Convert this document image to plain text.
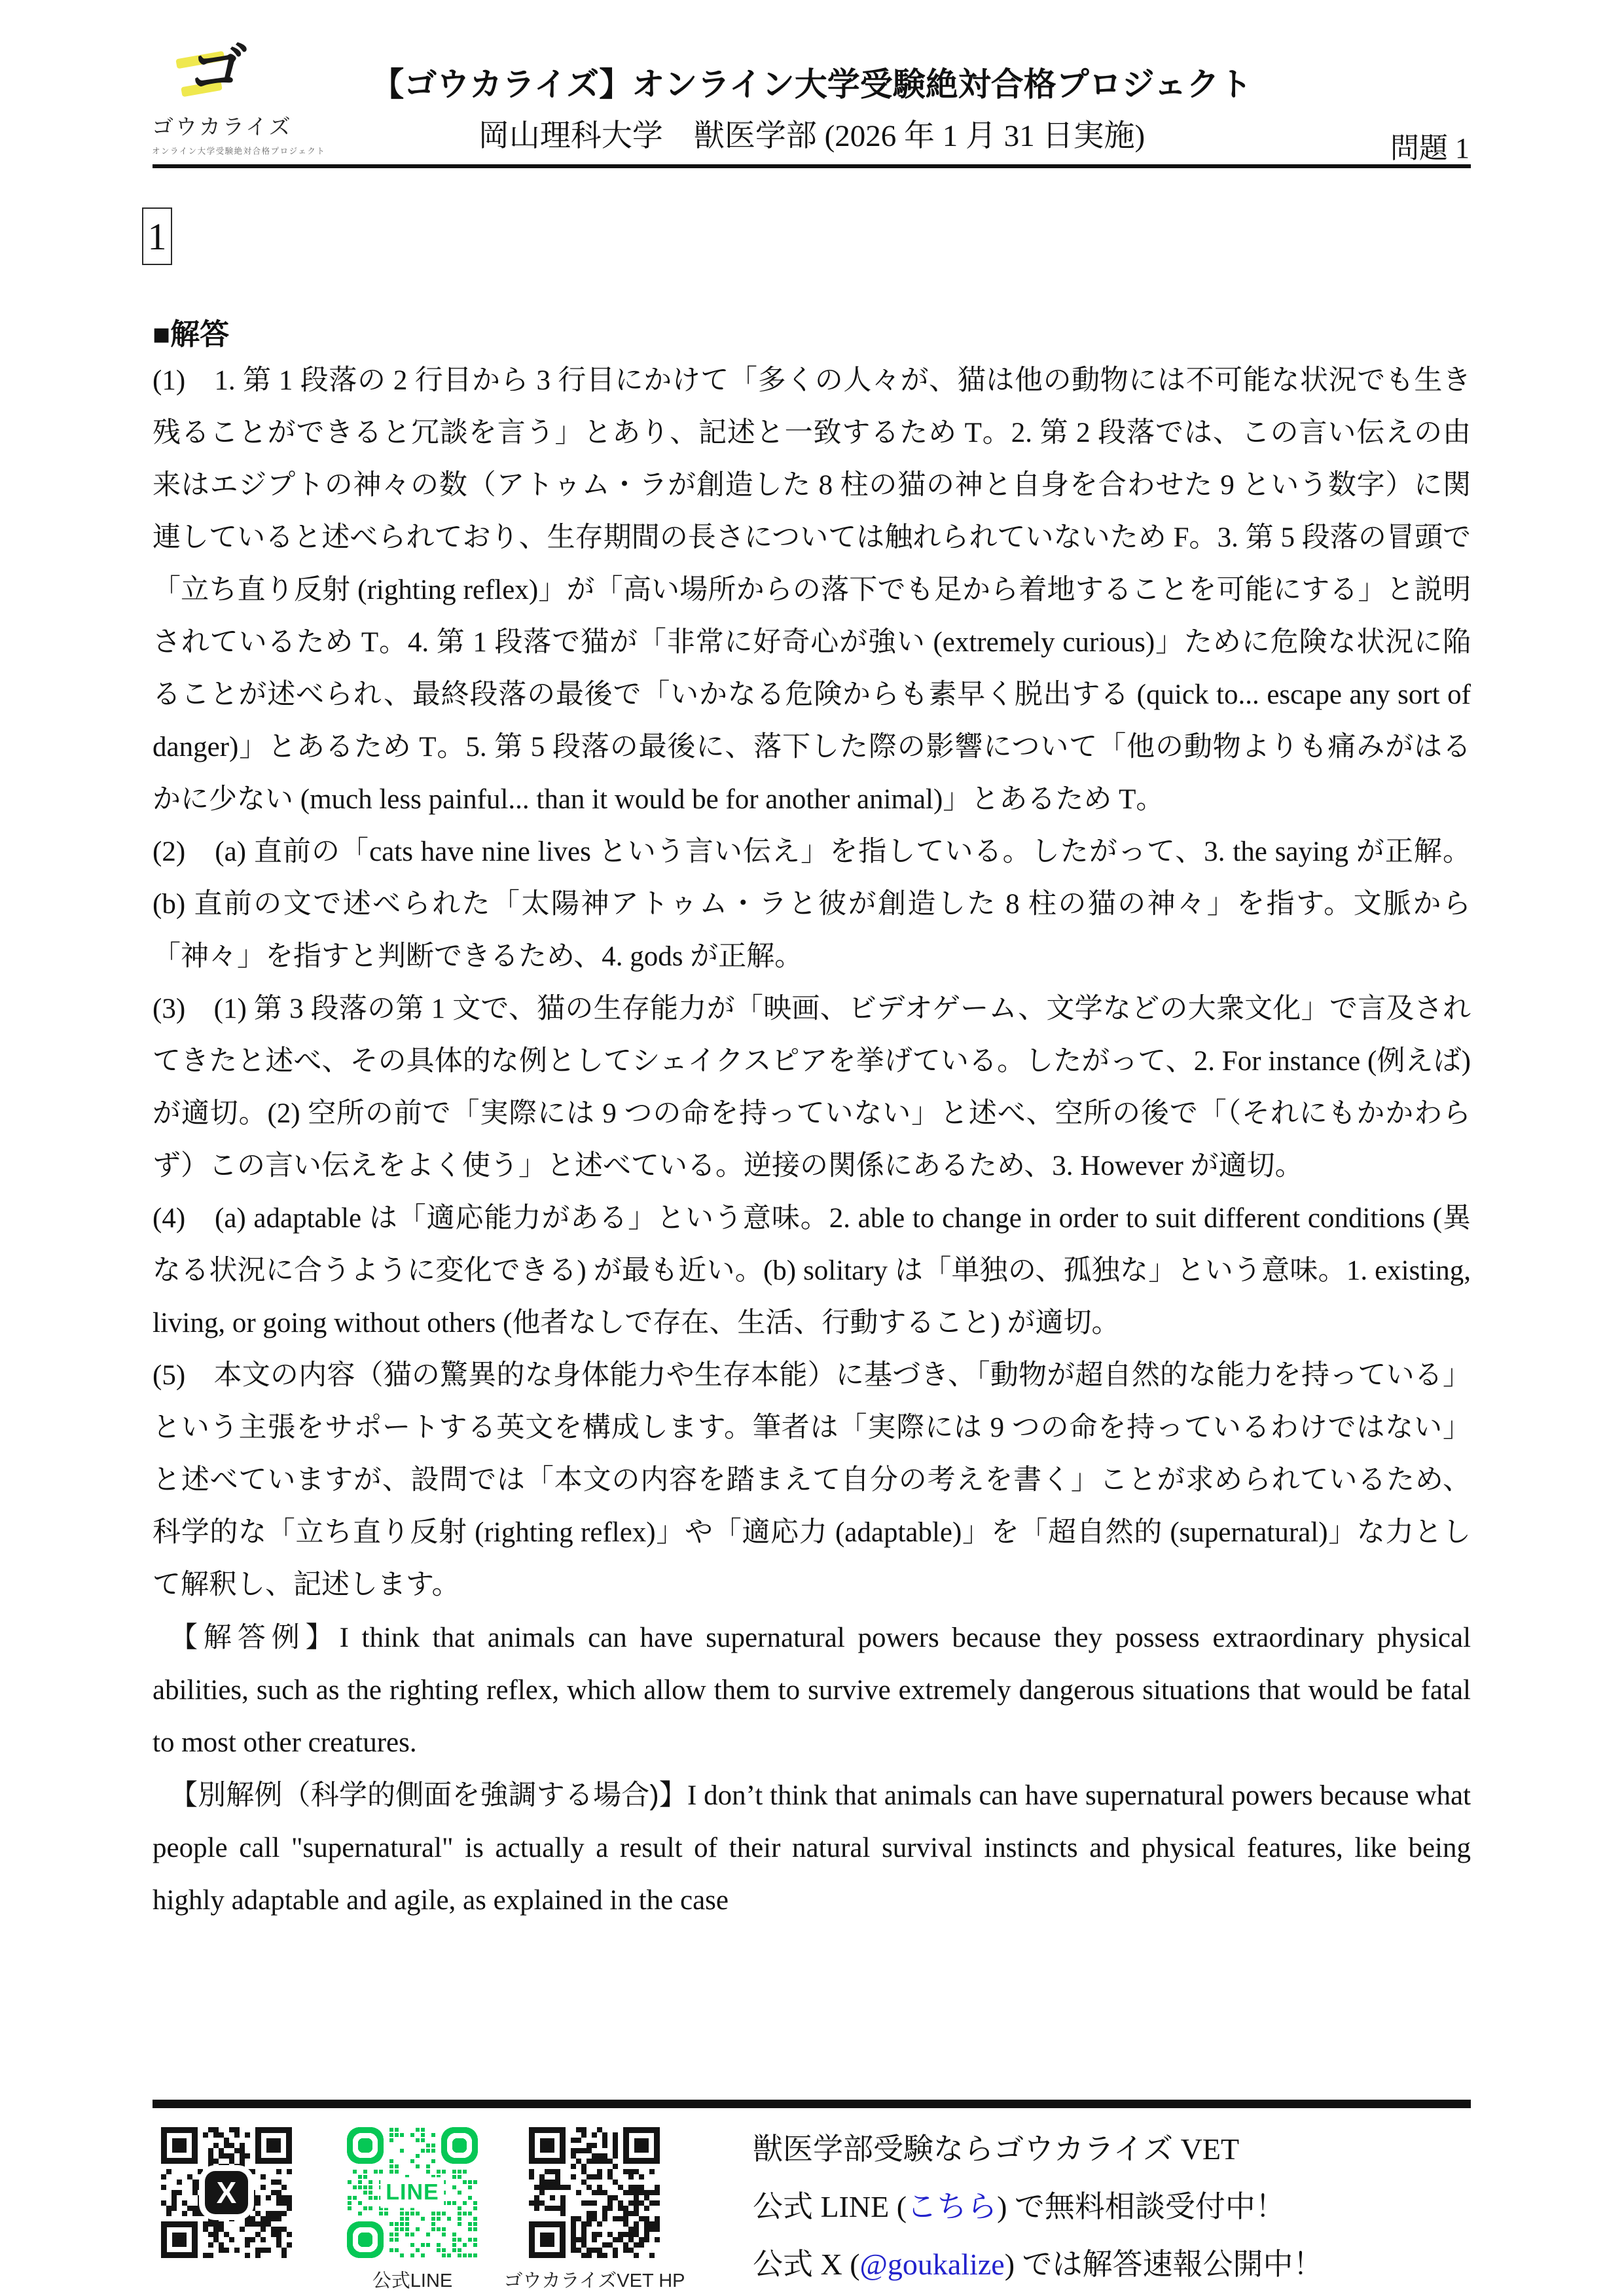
ゴ
ゴウカライズ
オンライン大学受験絶対合格プロジェクト
【ゴウカライズ】オンライン大学受験絶対合格プロジェクト
岡山理科大学　獣医学部 (2026 年 1 月 31 日実施)	問題 1
1
■解答

(1)　1. 第 1 段落の 2 行目から 3 行目にかけて「多くの人々が、猫は他の動物には不可能な状況でも生き残ることができると冗談を言う」とあり、記述と一致するため T。2. 第 2 段落では、この言い伝えの由来はエジプトの神々の数（アトゥム・ラが創造した 8 柱の猫の神と自身を合わせた 9 という数字）に関連していると述べられており、生存期間の長さについては触れられていないため F。3. 第 5 段落の冒頭で「立ち直り反射 (righting reflex)」が「高い場所からの落下でも足から着地することを可能にする」と説明されているため T。4. 第 1 段落で猫が「非常に好奇心が強い (extremely curious)」ために危険な状況に陥ることが述べられ、最終段落の最後で「いかなる危険からも素早く脱出する (quick to... escape any sort of danger)」とあるため T。5. 第 5 段落の最後に、落下した際の影響について「他の動物よりも痛みがはるかに少ない (much less painful... than it would be for another animal)」とあるため T。

(2)　(a) 直前の「cats have nine lives という言い伝え」を指している。したがって、3. the saying が正解。(b) 直前の文で述べられた「太陽神アトゥム・ラと彼が創造した 8 柱の猫の神々」を指す。文脈から「神々」を指すと判断できるため、4. gods が正解。

(3)　(1) 第 3 段落の第 1 文で、猫の生存能力が「映画、ビデオゲーム、文学などの大衆文化」で言及されてきたと述べ、その具体的な例としてシェイクスピアを挙げている。したがって、2. For instance (例えば) が適切。(2) 空所の前で「実際には 9 つの命を持っていない」と述べ、空所の後で「（それにもかかわらず）この言い伝えをよく使う」と述べている。逆接の関係にあるため、3. However が適切。

(4)　(a) adaptable は「適応能力がある」という意味。2. able to change in order to suit different conditions (異なる状況に合うように変化できる) が最も近い。(b) solitary は「単独の、孤独な」という意味。1. existing, living, or going without others (他者なしで存在、生活、行動すること) が適切。

(5)　本文の内容（猫の驚異的な身体能力や生存本能）に基づき、「動物が超自然的な能力を持っている」という主張をサポートする英文を構成します。筆者は「実際には 9 つの命を持っているわけではない」と述べていますが、設問では「本文の内容を踏まえて自分の考えを書く」ことが求められているため、科学的な「立ち直り反射 (righting reflex)」や「適応力 (adaptable)」を「超自然的 (supernatural)」な力として解釈し、記述します。

【解答例】I think that animals can have supernatural powers because they possess extraordinary physical abilities, such as the righting reflex, which allow them to survive extremely dangerous situations that would be fatal to most other creatures.

【別解例（科学的側面を強調する場合)】I don’t think that animals can have supernatural powers because what people call "supernatural" is actually a result of their natural survival instincts and physical features, like being highly adaptable and agile, as explained in the case

X	LINE
公式LINE	ゴウカライズVET HP
獣医学部受験ならゴウカライズ VET
公式 LINE (こちら) で無料相談受付中！
公式 X (@goukalize) では解答速報公開中！
